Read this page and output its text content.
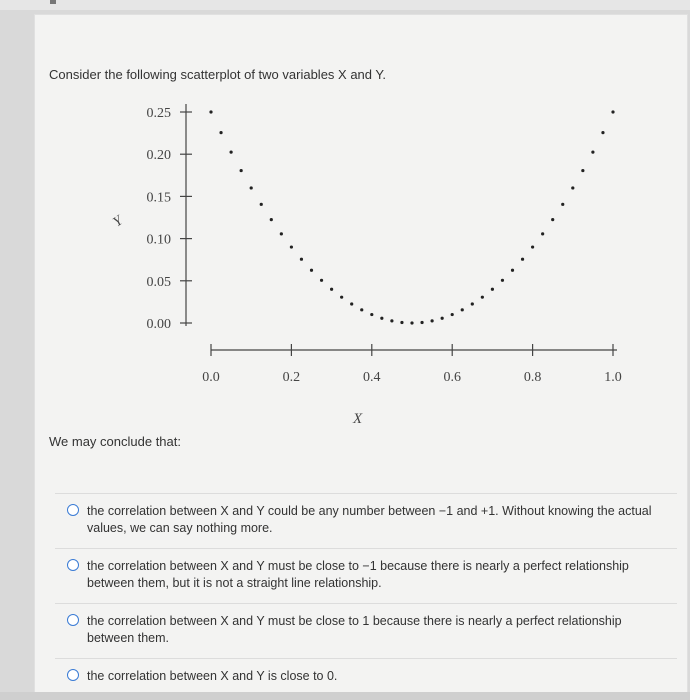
Consider the following scatterplot of two variables X and Y.
0.25
0.20
0.15
0.10
0.05
0.00
0.0	0.2	0.4	0.6	0.8	1.0
Y
X
We may conclude that:
the correlation between X and Y could be any number between −1 and +1. Without knowing the actual values, we can say nothing more.
the correlation between X and Y must be close to −1 because there is nearly a perfect relationship between them, but it is not a straight line relationship.
the correlation between X and Y must be close to 1 because there is nearly a perfect relationship between them.
the correlation between X and Y is close to 0.
